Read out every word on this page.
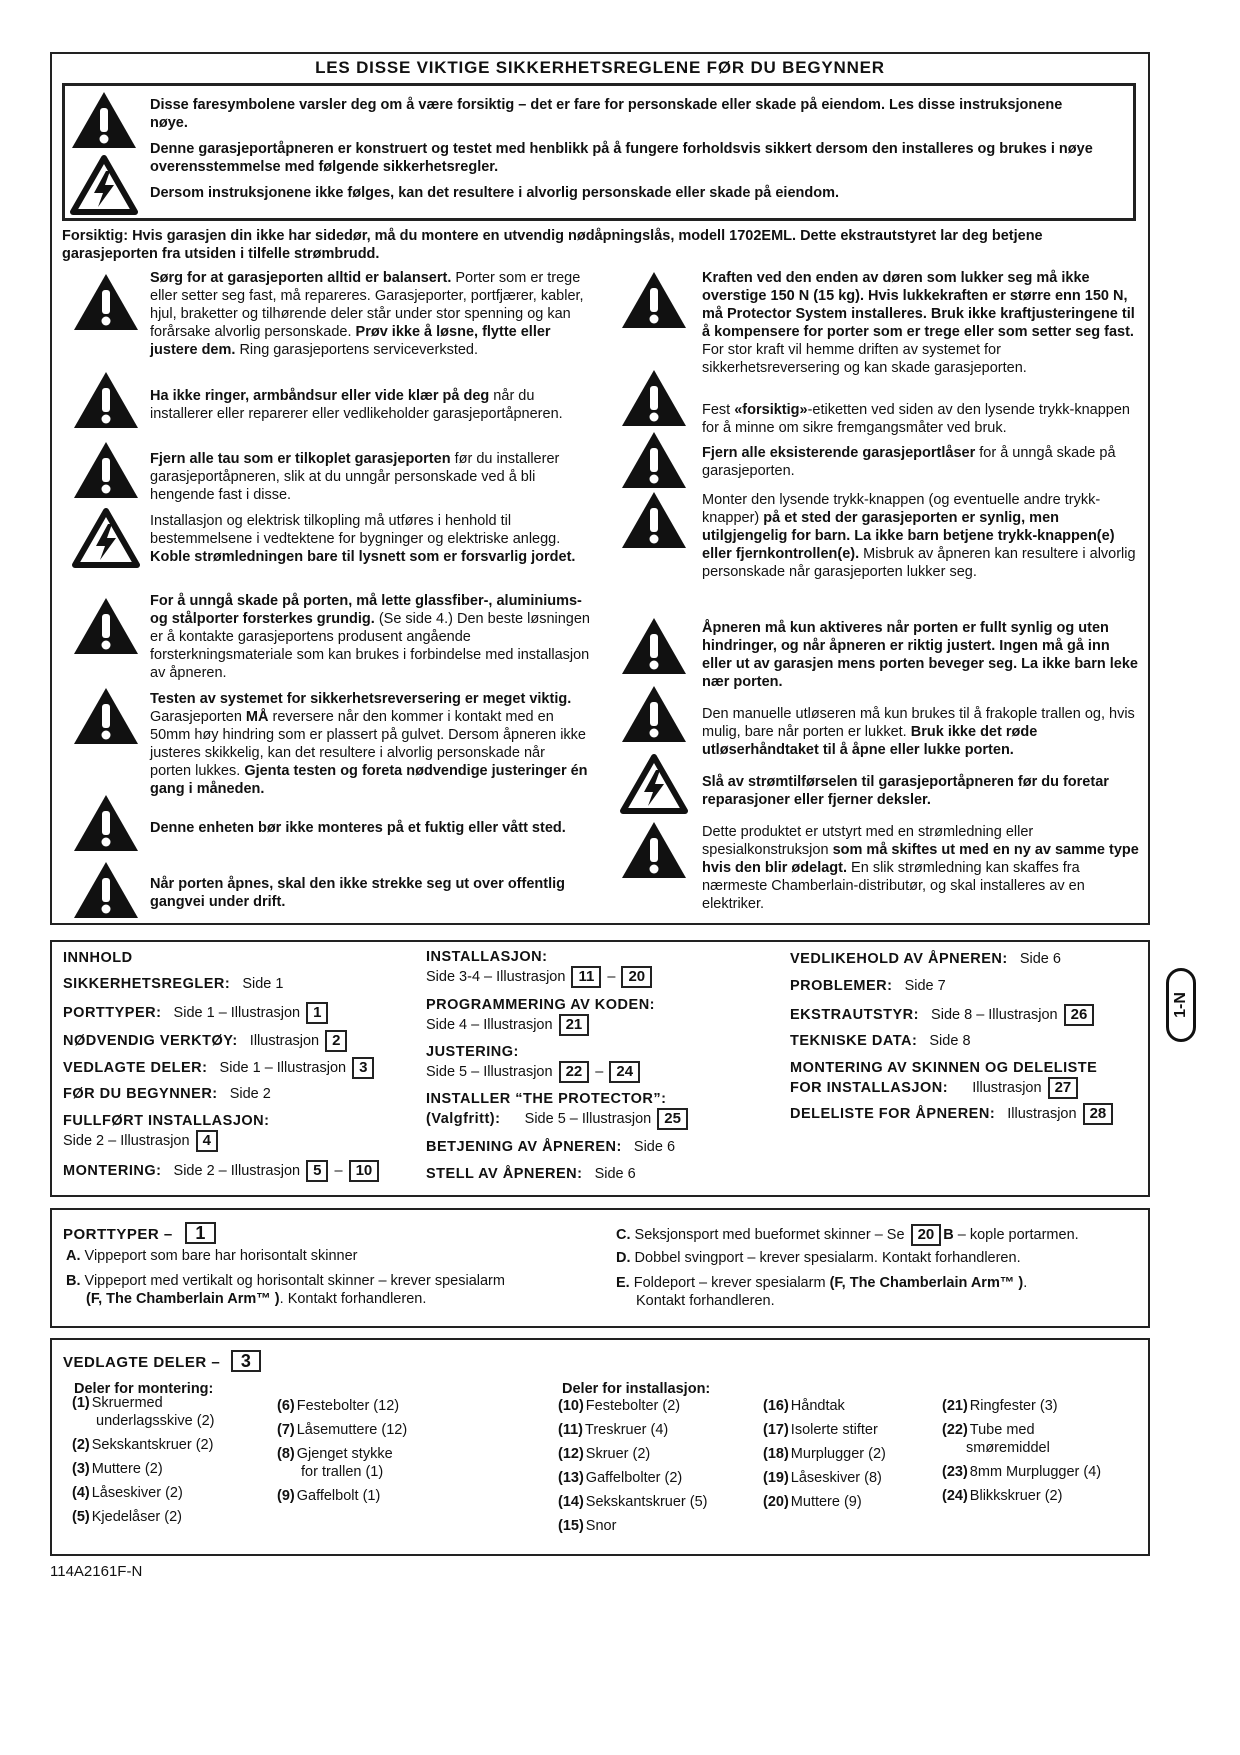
LES DISSE VIKTIGE SIKKERHETSREGLENE FØR DU BEGYNNER
Disse faresymbolene varsler deg om å være forsiktig – det er fare for personskade eller skade på eiendom. Les disse instruksjonene nøye.
Denne garasjeportåpneren er konstruert og testet med henblikk på å fungere forholdsvis sikkert dersom den installeres og brukes i nøye overensstemmelse med følgende sikkerhetsregler.
Dersom instruksjonene ikke følges, kan det resultere i alvorlig personskade eller skade på eiendom.
Forsiktig: Hvis garasjen din ikke har sidedør, må du montere en utvendig nødåpningslås, modell 1702EML. Dette ekstrautstyret lar deg betjene garasjeporten fra utsiden i tilfelle strømbrudd.
Sørg for at garasjeporten alltid er balansert. Porter som er trege eller setter seg fast, må repareres. Garasjeporter, portfjærer, kabler, hjul, braketter og tilhørende deler står under stor spenning og kan forårsake alvorlig personskade. Prøv ikke å løsne, flytte eller justere dem. Ring garasjeportens serviceverksted.
Ha ikke ringer, armbåndsur eller vide klær på deg når du installerer eller reparerer eller vedlikeholder garasjeportåpneren.
Fjern alle tau som er tilkoplet garasjeporten før du installerer garasjeportåpneren, slik at du unngår personskade ved å bli hengende fast i disse.
Installasjon og elektrisk tilkopling må utføres i henhold til bestemmelsene i vedtektene for bygninger og elektriske anlegg. Koble strømledningen bare til lysnett som er forsvarlig jordet.
For å unngå skade på porten, må lette glassfiber-, aluminiums- og stålporter forsterkes grundig. (Se side 4.) Den beste løsningen er å kontakte garasjeportens produsent angående forsterkningsmateriale som kan brukes i forbindelse med installasjon av åpneren.
Testen av systemet for sikkerhetsreversering er meget viktig. Garasjeporten MÅ reversere når den kommer i kontakt med en 50mm høy hindring som er plassert på gulvet. Dersom åpneren ikke justeres skikkelig, kan det resultere i alvorlig personskade når porten lukkes. Gjenta testen og foreta nødvendige justeringer én gang i måneden.
Denne enheten bør ikke monteres på et fuktig eller vått sted.
Når porten åpnes, skal den ikke strekke seg ut over offentlig gangvei under drift.
Kraften ved den enden av døren som lukker seg må ikke overstige 150 N (15 kg). Hvis lukkekraften er større enn 150 N, må Protector System installeres. Bruk ikke kraftjusteringene til å kompensere for porter som er trege eller som setter seg fast. For stor kraft vil hemme driften av systemet for sikkerhetsreversering og kan skade garasjeporten.
Fest «forsiktig»-etiketten ved siden av den lysende trykk-knappen for å minne om sikre fremgangsmåter ved bruk.
Fjern alle eksisterende garasjeportlåser for å unngå skade på garasjeporten.
Monter den lysende trykk-knappen (og eventuelle andre trykk-knapper) på et sted der garasjeporten er synlig, men utilgjengelig for barn. La ikke barn betjene trykk-knappen(e) eller fjernkontrollen(e). Misbruk av åpneren kan resultere i alvorlig personskade når garasjeporten lukker seg.
Åpneren må kun aktiveres når porten er fullt synlig og uten hindringer, og når åpneren er riktig justert. Ingen må gå inn eller ut av garasjen mens porten beveger seg. La ikke barn leke nær porten.
Den manuelle utløseren må kun brukes til å frakople trallen og, hvis mulig, bare når porten er lukket. Bruk ikke det røde utløserhåndtaket til å åpne eller lukke porten.
Slå av strømtilførselen til garasjeportåpneren før du foretar reparasjoner eller fjerner deksler.
Dette produktet er utstyrt med en strømledning eller spesialkonstruksjon som må skiftes ut med en ny av samme type hvis den blir ødelagt. En slik strømledning kan skaffes fra nærmeste Chamberlain-distributør, og skal installeres av en elektriker.
INNHOLD
SIKKERHETSREGLER: Side 1
PORTTYPER: Side 1 – Illustrasjon 1
NØDVENDIG VERKTØY: Illustrasjon 2
VEDLAGTE DELER: Side 1 – Illustrasjon 3
FØR DU BEGYNNER: Side 2
FULLFØRT INSTALLASJON:
Side 2 – Illustrasjon 4
MONTERING: Side 2 – Illustrasjon 5 – 10
INSTALLASJON:
Side 3-4 – Illustrasjon 11 – 20
PROGRAMMERING AV KODEN:
Side 4 – Illustrasjon 21
JUSTERING:
Side 5 – Illustrasjon 22 – 24
INSTALLER “THE PROTECTOR”:
(Valgfritt): Side 5 – Illustrasjon 25
BETJENING AV ÅPNEREN: Side 6
STELL AV ÅPNEREN: Side 6
VEDLIKEHOLD AV ÅPNEREN: Side 6
PROBLEMER: Side 7
EKSTRAUTSTYR: Side 8 – Illustrasjon 26
TEKNISKE DATA: Side 8
MONTERING AV SKINNEN OG DELELISTE
FOR INSTALLASJON: Illustrasjon 27
DELELISTE FOR ÅPNEREN: Illustrasjon 28
1-N
PORTTYPER – 1
A. Vippeport som bare har horisontalt skinner
B. Vippeport med vertikalt og horisontalt skinner – krever spesialarm
(F, The Chamberlain Arm™ ). Kontakt forhandleren.
C. Seksjonsport med bueformet skinner – Se 20 B – kople portarmen.
D. Dobbel svingport – krever spesialarm. Kontakt forhandleren.
E. Foldeport – krever spesialarm (F, The Chamberlain Arm™ ).
Kontakt forhandleren.
VEDLAGTE DELER – 3
Deler for montering:	Deler for installasjon:
(1) Skruermed
underlagsskive (2)
(2) Sekskantskruer (2)
(3) Muttere (2)
(4) Låseskiver (2)
(5) Kjedelåser (2)
(6) Festebolter (12)
(7) Låsemuttere (12)
(8) Gjenget stykke
for trallen (1)
(9) Gaffelbolt (1)
(10) Festebolter (2)
(11) Treskruer (4)
(12) Skruer (2)
(13) Gaffelbolter (2)
(14) Sekskantskruer (5)
(15) Snor
(16) Håndtak
(17) Isolerte stifter
(18) Murplugger (2)
(19) Låseskiver (8)
(20) Muttere (9)
(21) Ringfester (3)
(22) Tube med
smøremiddel
(23) 8mm Murplugger (4)
(24) Blikkskruer (2)
114A2161F-N
